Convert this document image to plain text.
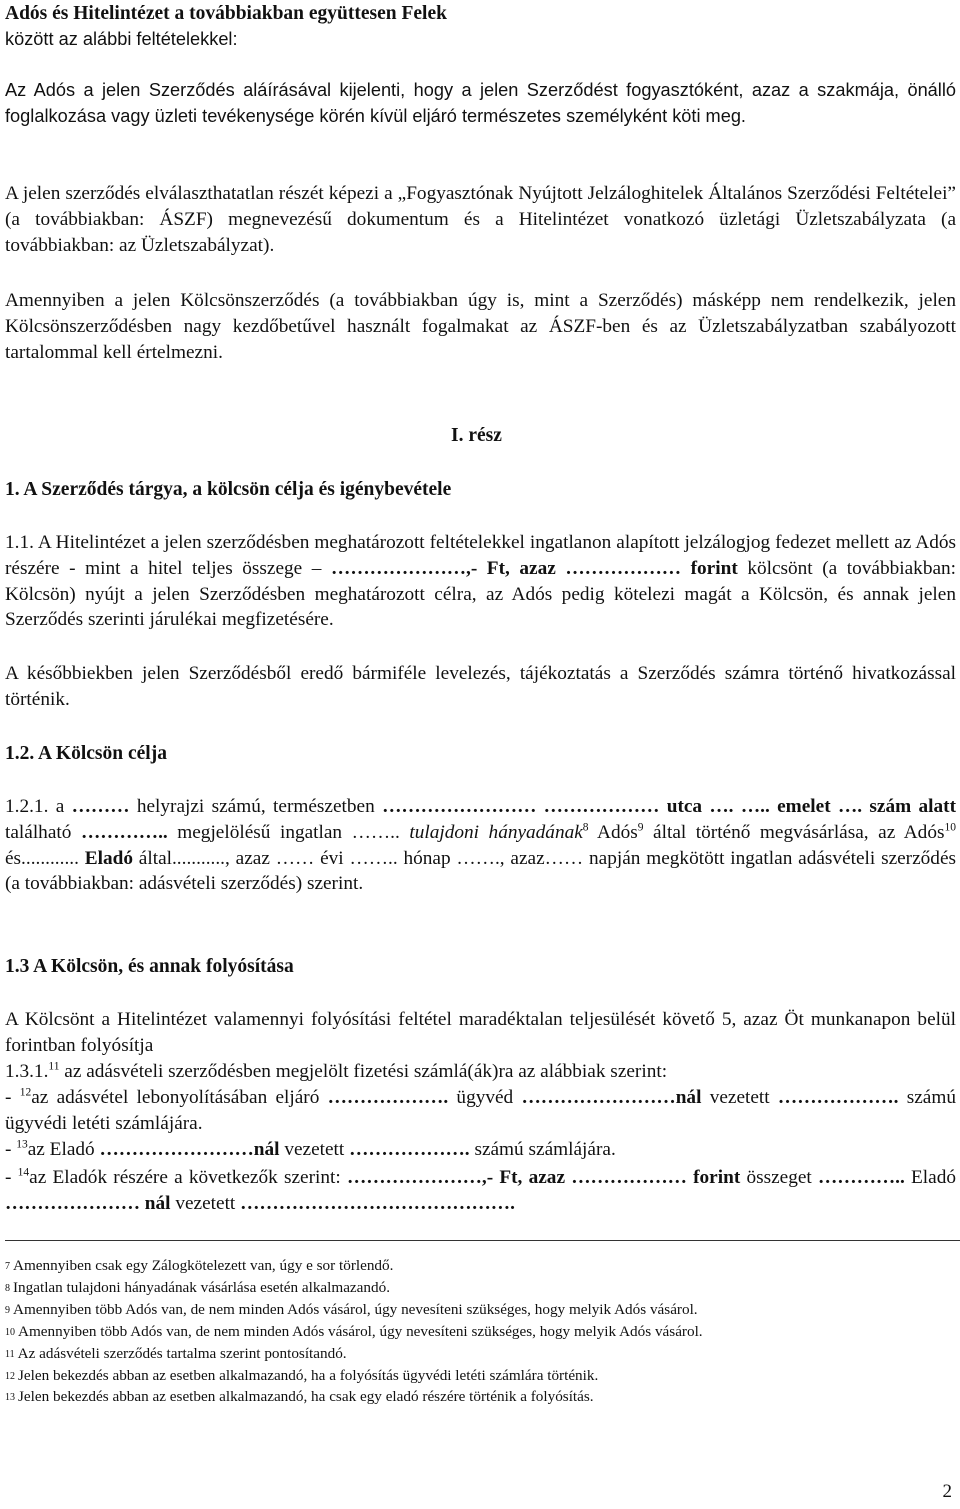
Adós és Hitelintézet a továbbiakban együttesen Felek

között az alábbi feltételekkel:

Az Adós a jelen Szerződés aláírásával kijelenti, hogy a jelen Szerződést fogyasztóként, azaz a szakmája, önálló foglalkozása vagy üzleti tevékenysége körén kívül eljáró természetes személyként köti meg.

A jelen szerződés elválaszthatatlan részét képezi a „Fogyasztónak Nyújtott Jelzáloghitelek Általános Szerződési Feltételei” (a továbbiakban: ÁSZF) megnevezésű dokumentum és a Hitelintézet vonatkozó üzletági Üzletszabályzata (a továbbiakban: az Üzletszabályzat).

Amennyiben a jelen Kölcsönszerződés (a továbbiakban úgy is, mint a Szerződés) másképp nem rendelkezik, jelen Kölcsönszerződésben nagy kezdőbetűvel használt fogalmakat az ÁSZF-ben és az Üzletszabályzatban szabályozott tartalommal kell értelmezni.

I. rész

1. A Szerződés tárgya, a kölcsön célja és igénybevétele

1.1. A Hitelintézet a jelen szerződésben meghatározott feltételekkel ingatlanon alapított jelzálogjog fedezet mellett az Adós részére - mint a hitel teljes összege – …………………,- Ft, azaz ……………… forint kölcsönt (a továbbiakban: Kölcsön) nyújt a jelen Szerződésben meghatározott célra, az Adós pedig kötelezi magát a Kölcsön, és annak jelen Szerződés szerinti járulékai megfizetésére.

A későbbiekben jelen Szerződésből eredő bármiféle levelezés, tájékoztatás a Szerződés számra történő hivatkozással történik.

1.2. A Kölcsön célja

1.2.1. a ……… helyrajzi számú, természetben …………………… ……………… utca …. ….. emelet …. szám alatt található ………….. megjelölésű ingatlan …….. tulajdoni hányadának$^8$ Adós$^9$ által történő megvásárlása, az Adós$^{10}$ és............ Eladó által..........., azaz …… évi …….. hónap ……., azaz…… napján megkötött ingatlan adásvételi szerződés (a továbbiakban: adásvételi szerződés) szerint.

1.3 A Kölcsön, és annak folyósítása

A Kölcsönt a Hitelintézet valamennyi folyósítási feltétel maradéktalan teljesülését követő 5, azaz Öt munkanapon belül forintban folyósítja

1.3.1.11 az adásvételi szerződésben megjelölt fizetési számlá(ák)ra az alábbiak szerint:

- $^{12}$az adásvétel lebonyolításában eljáró ………………. ügyvéd ……………………nál vezetett ………………. számú ügyvédi letéti számlájára.

- $^{13}$az Eladó ……………………nál vezetett ………………. számú számlájára.

- $^{14}$az Eladók részére a következők szerint: …………………,- Ft, azaz ……………… forint összeget ………….. Eladó ………………… nál vezetett …………………………………….

$^7$ Amennyiben csak egy Zálogkötelezett van, úgy e sor törlendő.

$^8$ Ingatlan tulajdoni hányadának vásárlása esetén alkalmazandó.

$^9$ Amennyiben több Adós van, de nem minden Adós vásárol, úgy nevesíteni szükséges, hogy melyik Adós vásárol.

$^{10}$ Amennyiben több Adós van, de nem minden Adós vásárol, úgy nevesíteni szükséges, hogy melyik Adós vásárol.

$^{11}$ Az adásvételi szerződés tartalma szerint pontosítandó.

$^{12}$ Jelen bekezdés abban az esetben alkalmazandó, ha a folyósítás ügyvédi letéti számlára történik.

$^{13}$ Jelen bekezdés abban az esetben alkalmazandó, ha csak egy eladó részére történik a folyósítás.

2
